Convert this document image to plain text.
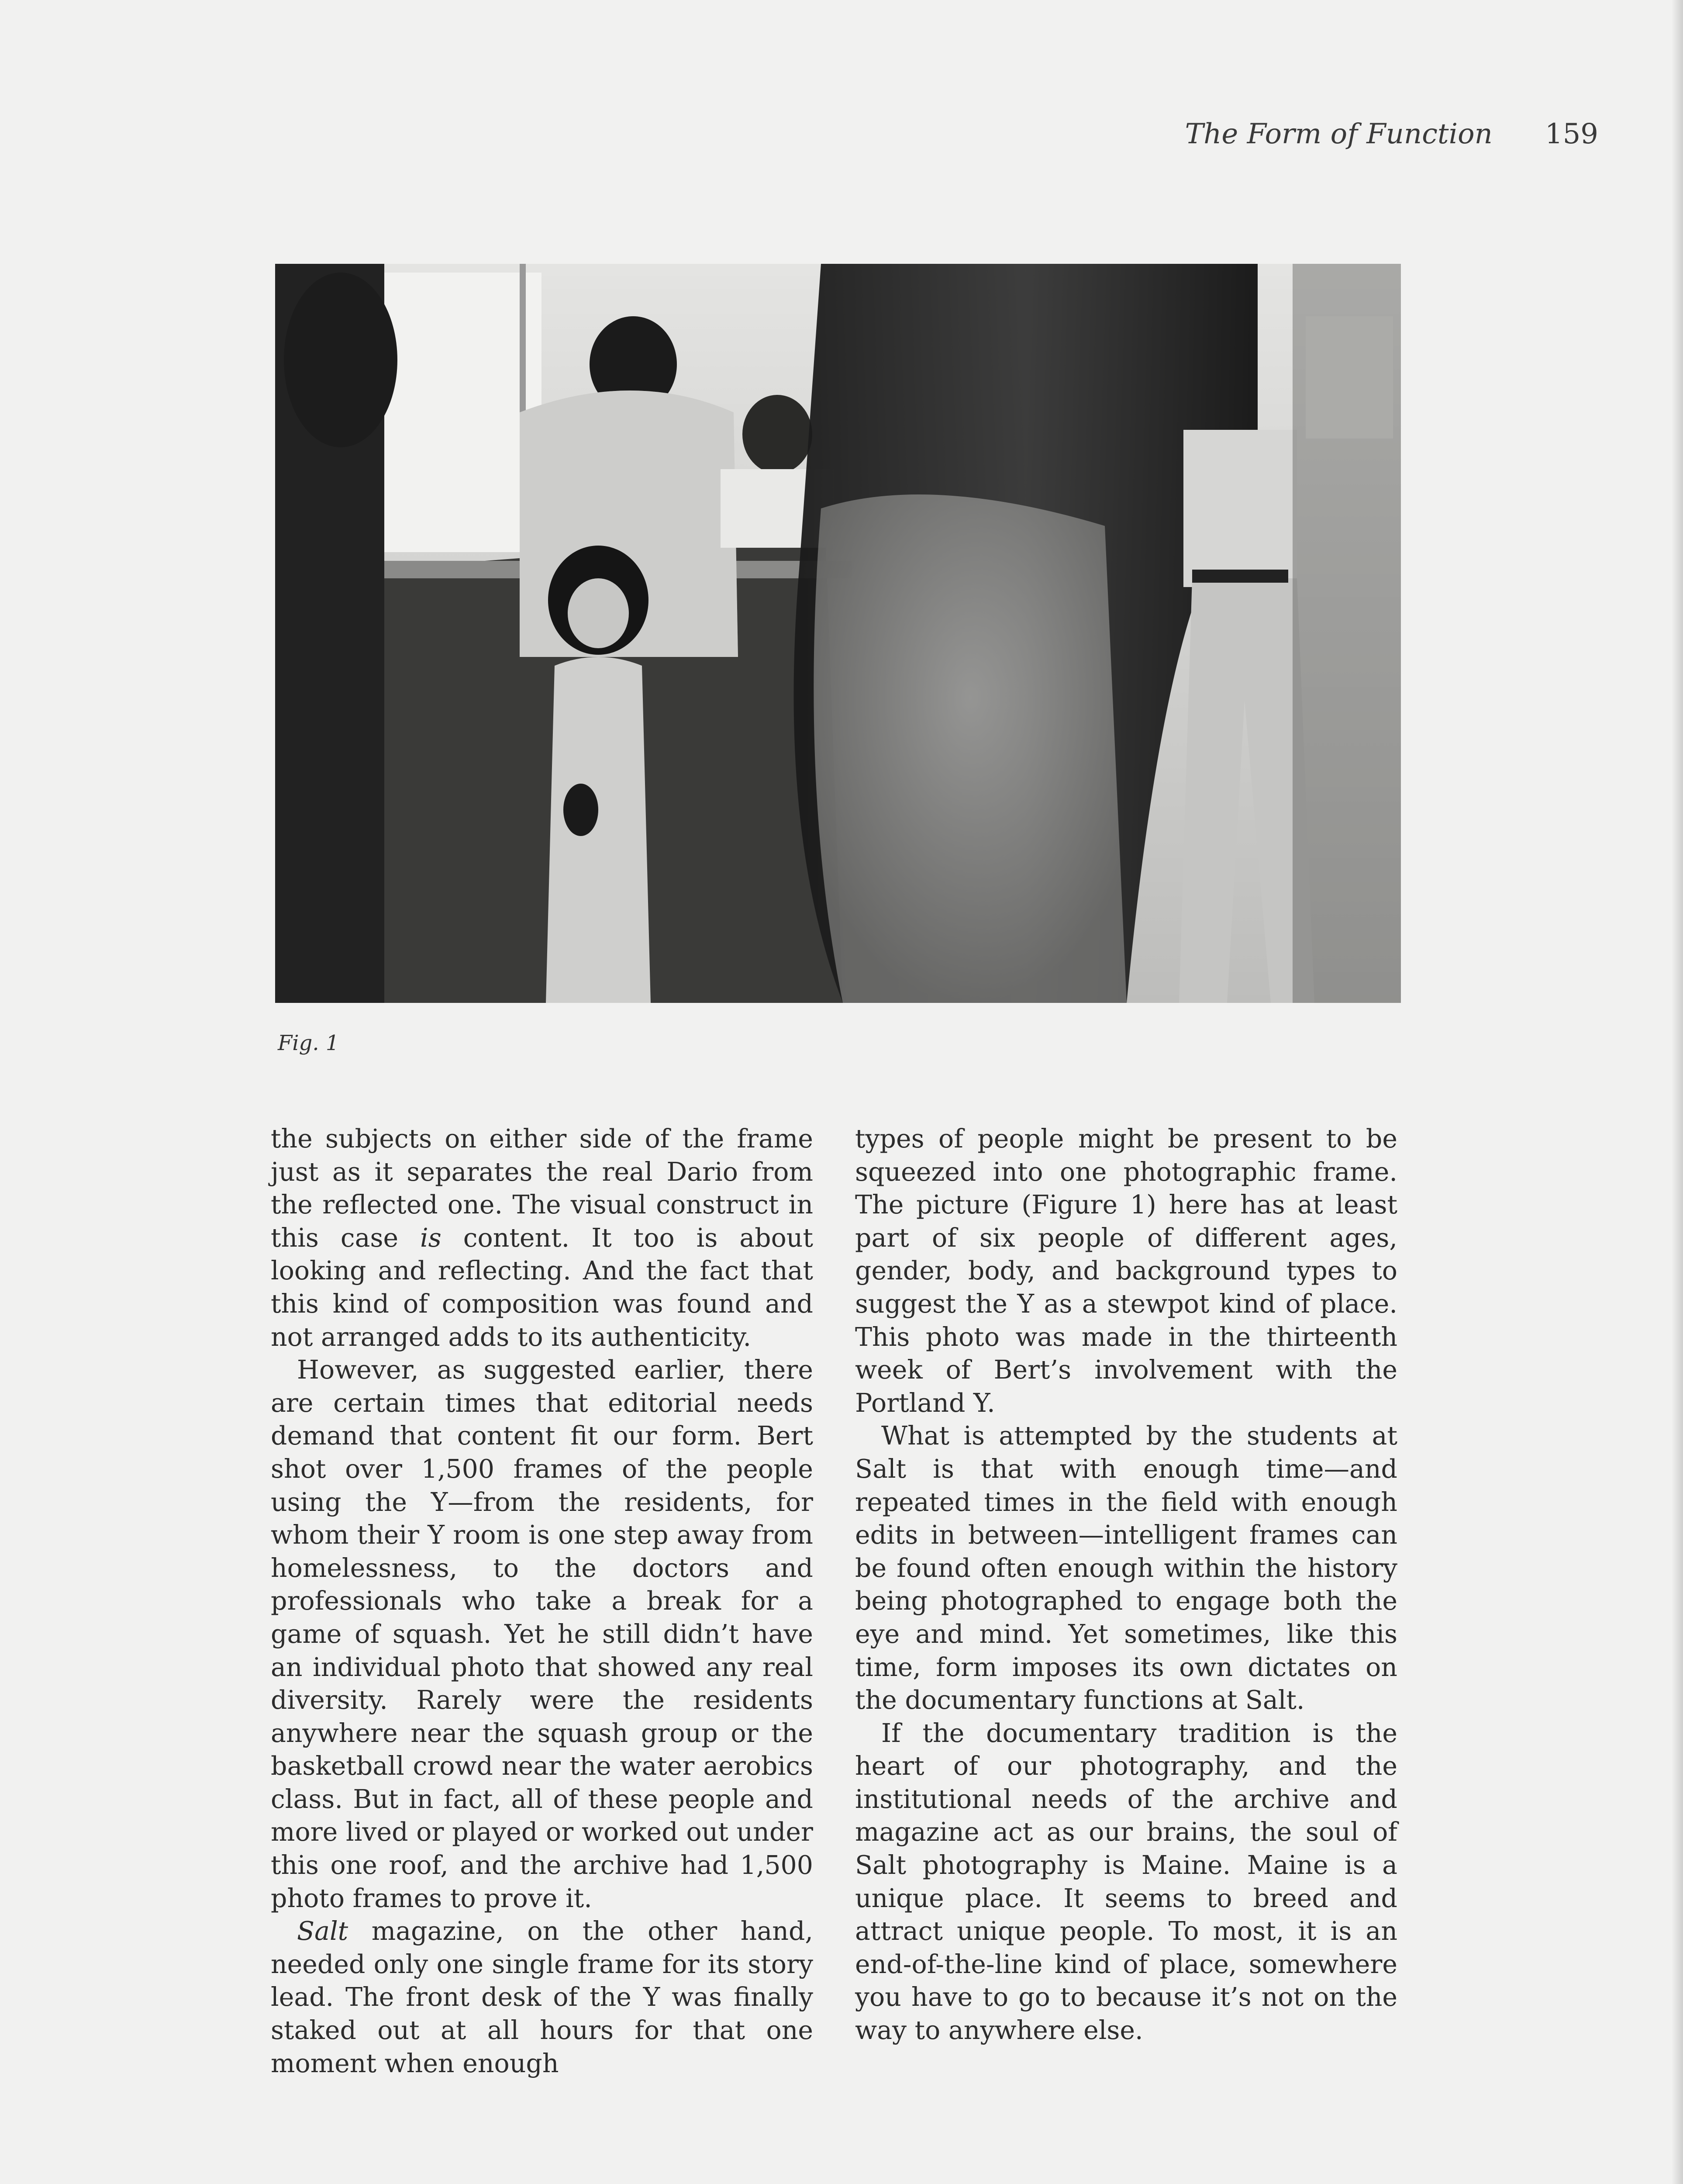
The Form of Function 159
Fig. 1

the subjects on either side of the frame just as it separates the real Dario from the reflected one. The visual construct in this case is content. It too is about looking and reflecting. And the fact that this kind of composition was found and not arranged adds to its authenticity.

However, as suggested earlier, there are certain times that editorial needs demand that content fit our form. Bert shot over 1,500 frames of the people using the Y—from the residents, for whom their Y room is one step away from homelessness, to the doctors and professionals who take a break for a game of squash. Yet he still didn’t have an individual photo that showed any real diversity. Rarely were the residents anywhere near the squash group or the basketball crowd near the water aerobics class. But in fact, all of these people and more lived or played or worked out under this one roof, and the archive had 1,500 photo frames to prove it.

Salt magazine, on the other hand, needed only one single frame for its story lead. The front desk of the Y was finally staked out at all hours for that one moment when enough

types of people might be present to be squeezed into one photographic frame. The picture (Figure 1) here has at least part of six people of different ages, gender, body, and background types to suggest the Y as a stewpot kind of place. This photo was made in the thirteenth week of Bert’s involvement with the Portland Y.

What is attempted by the students at Salt is that with enough time—and repeated times in the field with enough edits in between—intelligent frames can be found often enough within the history being photographed to engage both the eye and mind. Yet sometimes, like this time, form imposes its own dictates on the documentary functions at Salt.

If the documentary tradition is the heart of our photography, and the institutional needs of the archive and magazine act as our brains, the soul of Salt photography is Maine. Maine is a unique place. It seems to breed and attract unique people. To most, it is an end-of-the-line kind of place, somewhere you have to go to because it’s not on the way to anywhere else.
